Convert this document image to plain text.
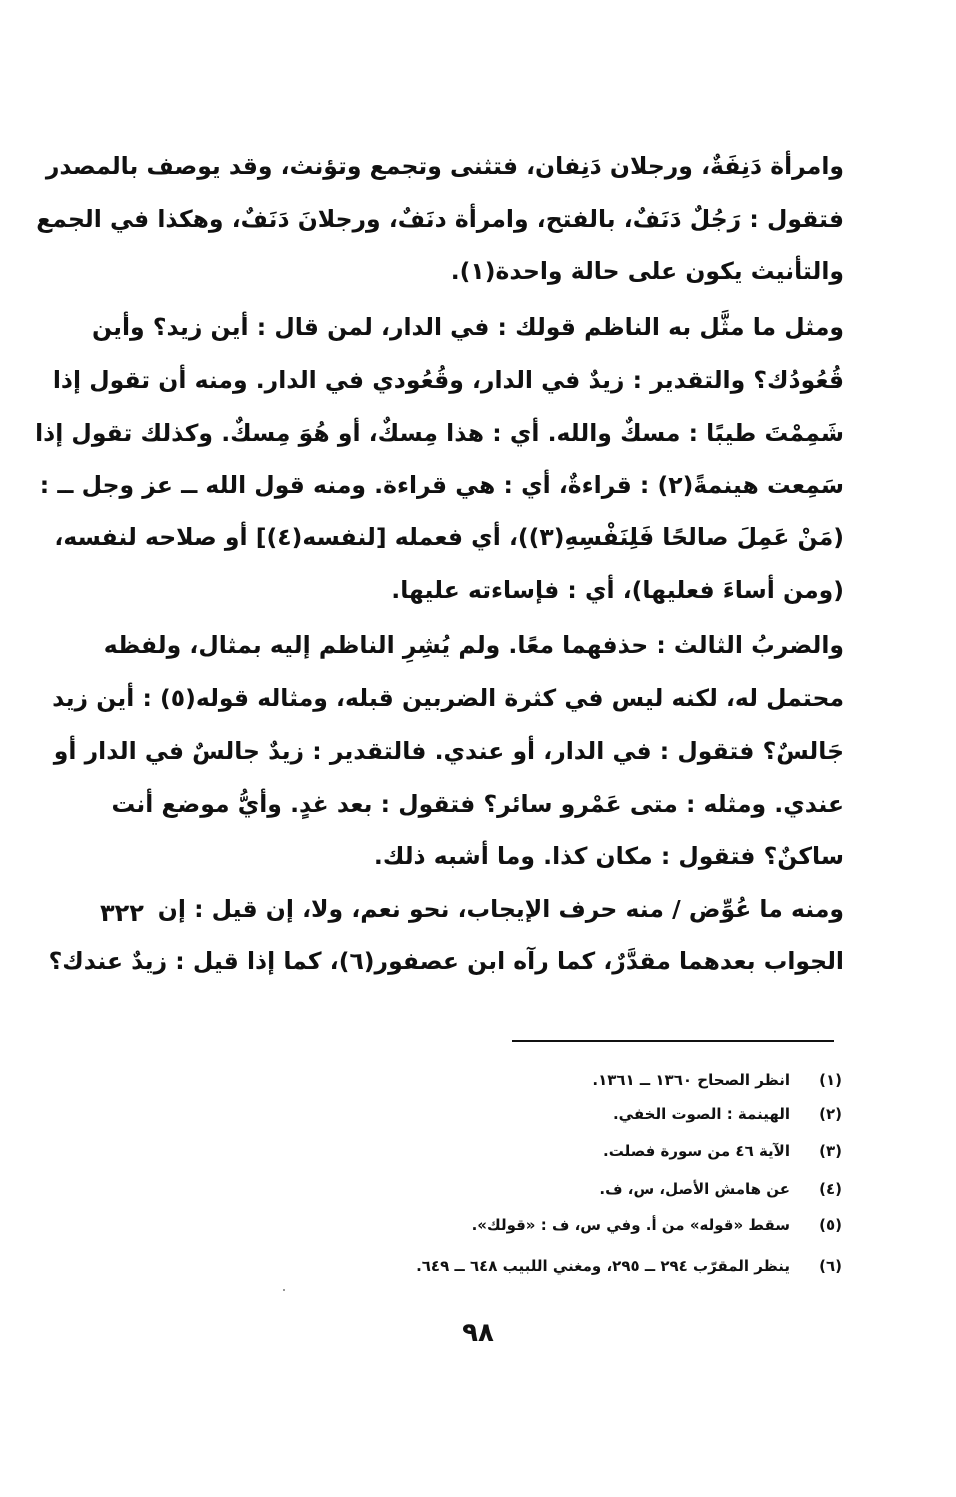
وامرأة دَنِفَةٌ، ورجلان دَنِفان، فتثنى وتجمع وتؤنث، وقد يوصف بالمصدر
فتقول : رَجُلٌ دَنَفٌ، بالفتح، وامرأة دنَفٌ، ورجلانَ دَنَفٌ، وهكذا في الجمع
والتأنيث يكون على حالة واحدة(١).
ومثل ما مثَّل به الناظم قولك : في الدار، لمن قال : أين زيد؟ وأين
قُعُودُك؟ والتقدير : زيدٌ في الدار، وقُعُودي في الدار. ومنه أن تقول إذا
شَمِمْتَ طيبًا : مسكٌ والله. أي : هذا مِسكٌ، أو هُوَ مِسكٌ. وكذلك تقول إذا
سَمِعت هينمةً(٢) : قراءةٌ، أي : هي قراءة. ومنه قول الله ــ عز وجل ــ :
(مَنْ عَمِلَ صالحًا فَلِنَفْسِهِ(٣))، أي فعمله [لنفسه(٤)] أو صلاحه لنفسه،
(ومن أساءَ فعليها)، أي : فإساءته عليها.
والضربُ الثالث : حذفهما معًا. ولم يُشِرِ الناظم إليه بمثال، ولفظه
محتمل له، لكنه ليس في كثرة الضربين قبله، ومثاله قوله(٥) : أين زيد
جَالسٌ؟ فتقول : في الدار، أو عندي. فالتقدير : زيدٌ جالسٌ في الدار أو
عندي. ومثله : متى عَمْرو سائر؟ فتقول : بعد غدٍ. وأيُّ موضع أنت
ساكنٌ؟ فتقول : مكان كذا. وما أشبه ذلك.
ومنه ما عُوِّض / منه حرف الإيجاب، نحو نعم، ولا، إن قيل : إن
الجواب بعدهما مقدَّرٌ، كما رآه ابن عصفور(٦)، كما إذا قيل : زيدٌ عندك؟
٣٢٢
(١)انظر الصحاح ١٣٦٠ ــ ١٣٦١.
(٢)الهينمة : الصوت الخفي.
(٣)الآية ٤٦ من سورة فصلت.
(٤)عن هامش الأصل، س، ف.
(٥)سقط «قوله» من أ. وفي س، ف : «قولك».
(٦)ينظر المقرّب ٢٩٤ ــ ٢٩٥، ومغني اللبيب ٦٤٨ ــ ٦٤٩.
٩٨
